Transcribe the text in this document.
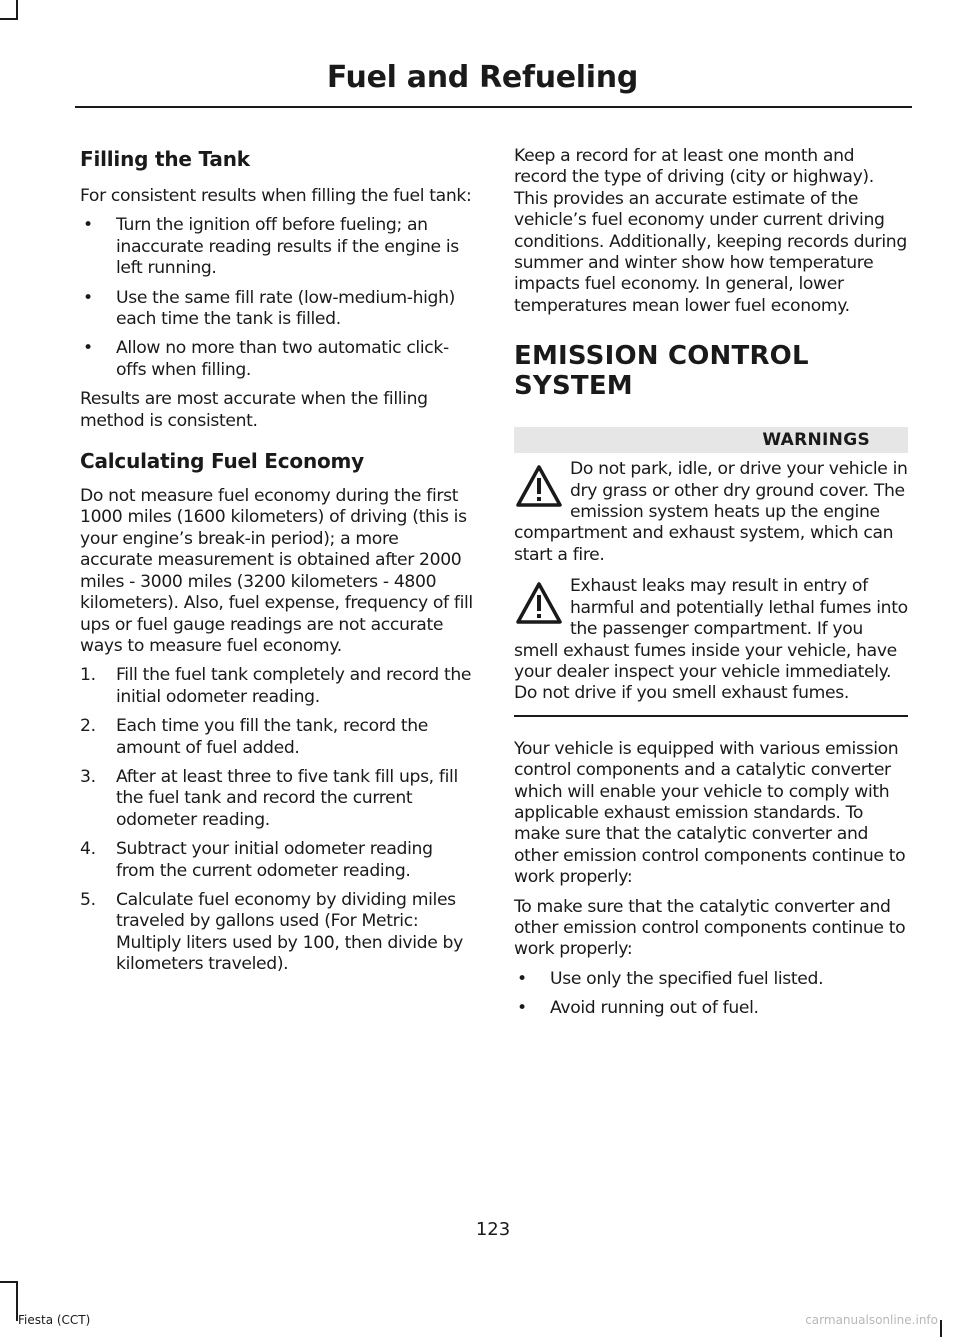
Fuel and Refueling
Filling the Tank

For consistent results when filling the fuel tank:

•	Turn the ignition off before fueling; an inaccurate reading results if the engine is left running.
•	Use the same fill rate (low-medium-high) each time the tank is filled.
•	Allow no more than two automatic click-offs when filling.

Results are most accurate when the filling method is consistent.

Calculating Fuel Economy

Do not measure fuel economy during the first 1000 miles (1600 kilometers) of driving (this is your engine’s break-in period); a more accurate measurement is obtained after 2000 miles - 3000 miles (3200 kilometers - 4800 kilometers). Also, fuel expense, frequency of fill ups or fuel gauge readings are not accurate ways to measure fuel economy.

1.	Fill the fuel tank completely and record the initial odometer reading.
2.	Each time you fill the tank, record the amount of fuel added.
3.	After at least three to five tank fill ups, fill the fuel tank and record the current odometer reading.
4.	Subtract your initial odometer reading from the current odometer reading.
5.	Calculate fuel economy by dividing miles traveled by gallons used (For Metric: Multiply liters used by 100, then divide by kilometers traveled).

Keep a record for at least one month and record the type of driving (city or highway). This provides an accurate estimate of the vehicle’s fuel economy under current driving conditions. Additionally, keeping records during summer and winter show how temperature impacts fuel economy. In general, lower temperatures mean lower fuel economy.

EMISSION CONTROL SYSTEM
WARNINGS
Do not park, idle, or drive your vehicle in dry grass or other dry ground cover. The emission system heats up the engine compartment and exhaust system, which can start a fire.
Exhaust leaks may result in entry of harmful and potentially lethal fumes into the passenger compartment. If you smell exhaust fumes inside your vehicle, have your dealer inspect your vehicle immediately. Do not drive if you smell exhaust fumes.

Your vehicle is equipped with various emission control components and a catalytic converter which will enable your vehicle to comply with applicable exhaust emission standards. To make sure that the catalytic converter and other emission control components continue to work properly:

To make sure that the catalytic converter and other emission control components continue to work properly:

•	Use only the specified fuel listed.
•	Avoid running out of fuel.
123
Fiesta (CCT)	carmanualsonline.info
